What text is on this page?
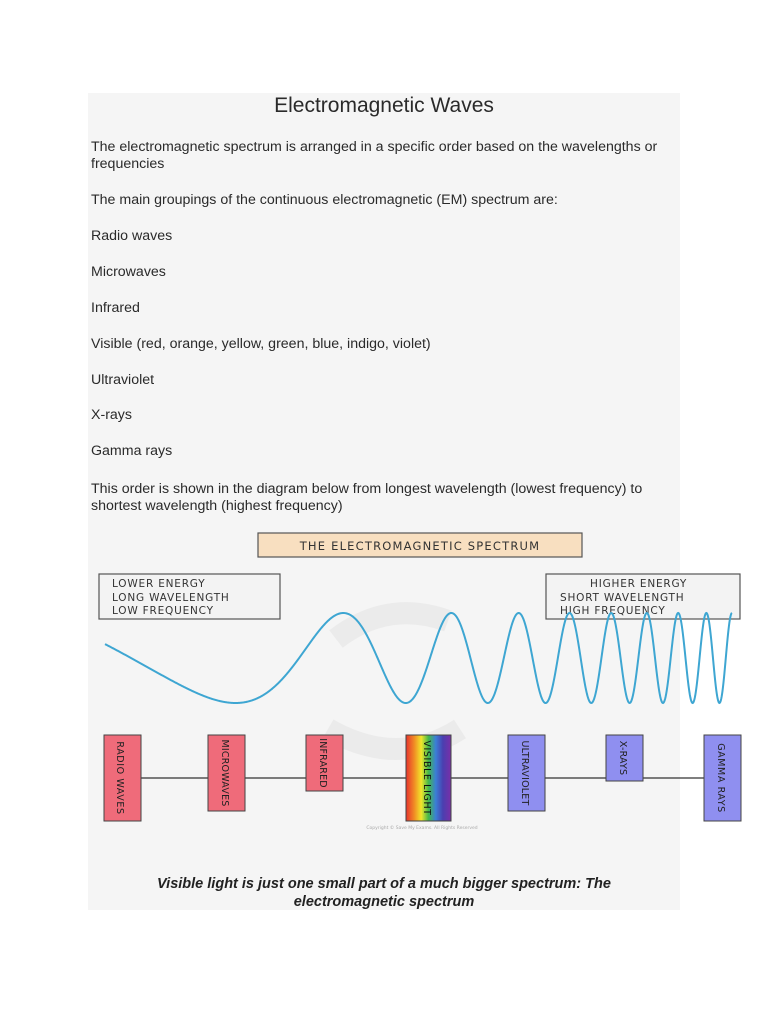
Electromagnetic Waves
The electromagnetic spectrum is arranged in a specific order based on the wavelengths or frequencies
The main groupings of the continuous electromagnetic (EM) spectrum are:
Radio waves
Microwaves
Infrared
Visible (red, orange, yellow, green, blue, indigo, violet)
Ultraviolet
X-rays
Gamma rays
This order is shown in the diagram below from longest wavelength (lowest frequency) to shortest wavelength (highest frequency)
THE ELECTROMAGNETIC SPECTRUM
LOWER ENERGY
LONG WAVELENGTH
LOW FREQUENCY
HIGHER ENERGY
SHORT WAVELENGTH
HIGH FREQUENCY
RADIO WAVES	MICROWAVES	INFRARED	VISIBLE LIGHT	ULTRAVIOLET	X-RAYS	GAMMA RAYS
Copyright © Save My Exams. All Rights Reserved
Visible light is just one small part of a much bigger spectrum: The electromagnetic spectrum
